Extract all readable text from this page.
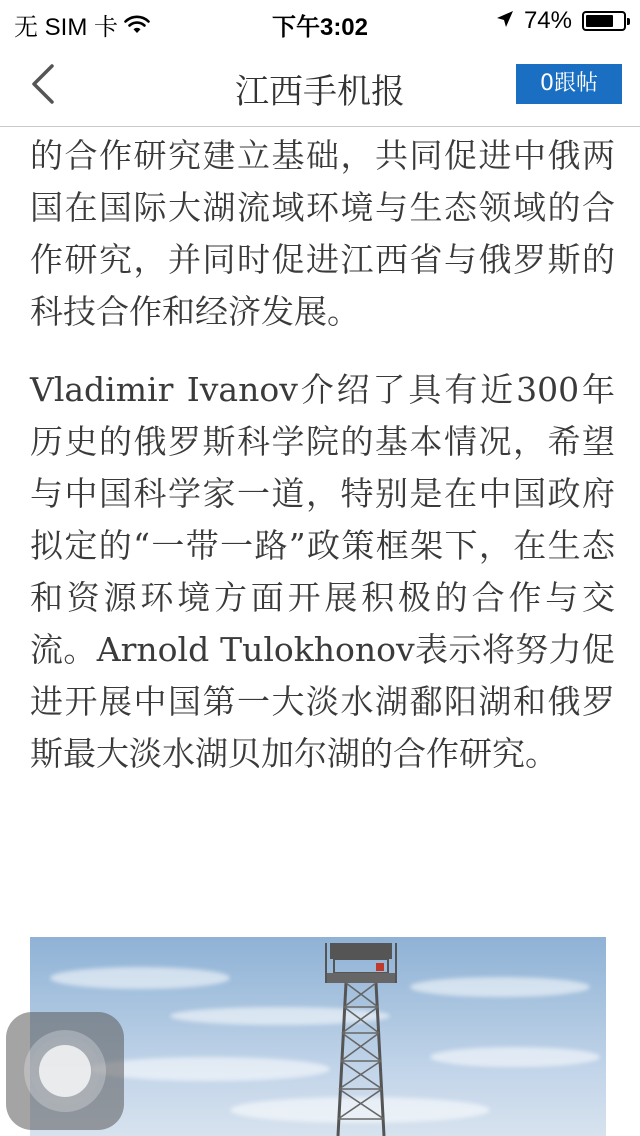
无 SIM 卡	下午3:02	74%
江西手机报	0跟帖

的合作研究建立基础，共同促进中俄两国在国际大湖流域环境与生态领域的合作研究，并同时促进江西省与俄罗斯的科技合作和经济发展。

Vladimir Ivanov介绍了具有近300年历史的俄罗斯科学院的基本情况，希望与中国科学家一道，特别是在中国政府拟定的“一带一路”政策框架下，在生态和资源环境方面开展积极的合作与交流。Arnold Tulokhonov表示将努力促进开展中国第一大淡水湖鄱阳湖和俄罗斯最大淡水湖贝加尔湖的合作研究。
